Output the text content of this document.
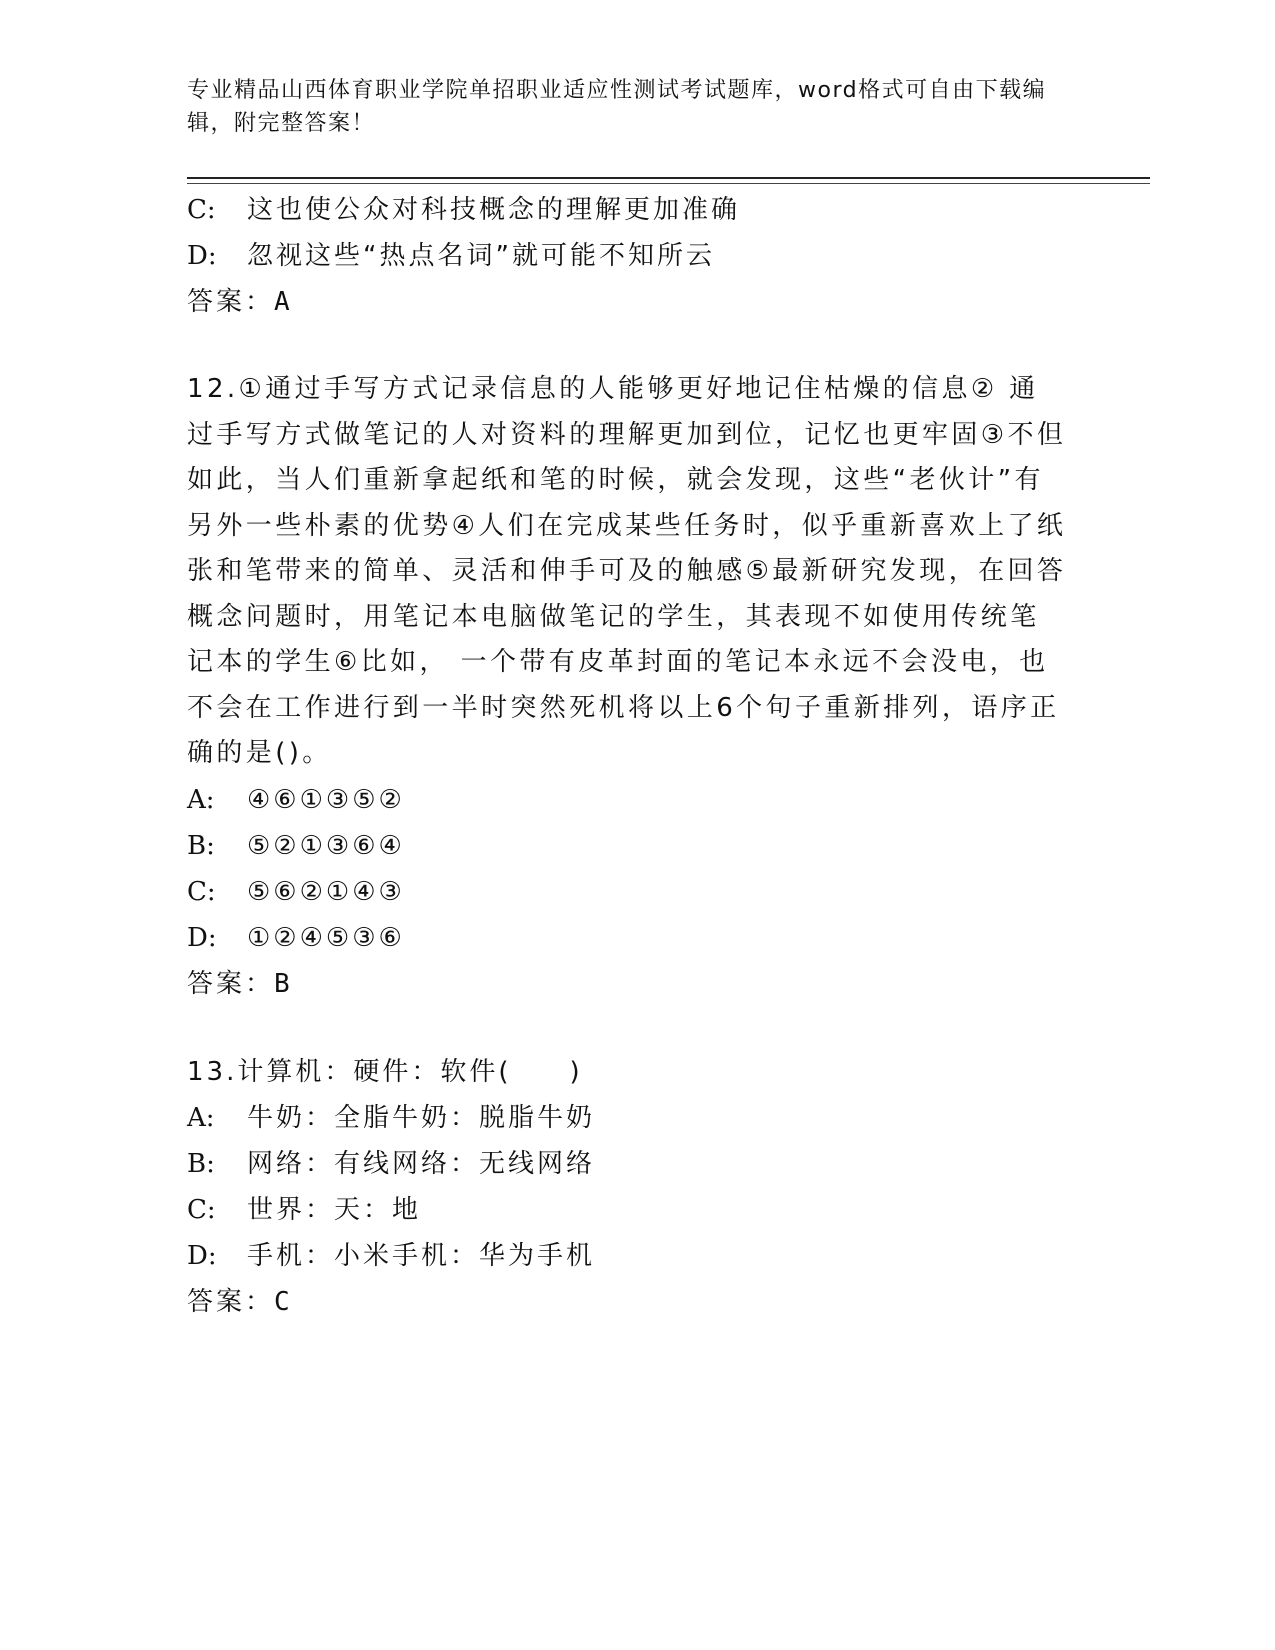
专业精品山西体育职业学院单招职业适应性测试考试题库，word格式可自由下载编辑，附完整答案！
C:	这也使公众对科技概念的理解更加准确
D:	忽视这些“热点名词”就可能不知所云
答案：A
12.①通过手写方式记录信息的人能够更好地记住枯燥的信息② 通过手写方式做笔记的人对资料的理解更加到位，记忆也更牢固③不但如此，当人们重新拿起纸和笔的时候，就会发现，这些“老伙计”有另外一些朴素的优势④人们在完成某些任务时，似乎重新喜欢上了纸张和笔带来的简单、灵活和伸手可及的触感⑤最新研究发现，在回答概念问题时，用笔记本电脑做笔记的学生，其表现不如使用传统笔记本的学生⑥比如， 一个带有皮革封面的笔记本永远不会没电，也不会在工作进行到一半时突然死机将以上6个句子重新排列，语序正确的是()。
A:	④⑥①③⑤②
B:	⑤②①③⑥④
C:	⑤⑥②①④③
D:	①②④⑤③⑥
答案：B
13.计算机：硬件：软件(　　)
A:	牛奶：全脂牛奶：脱脂牛奶
B:	网络：有线网络：无线网络
C:	世界：天：地
D:	手机：小米手机：华为手机
答案：C
